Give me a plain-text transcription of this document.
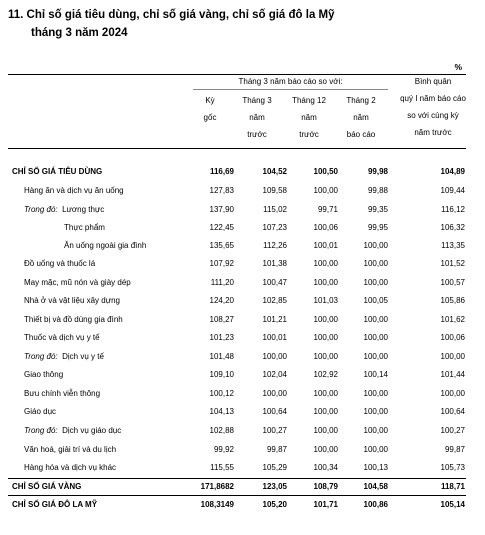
11. Chỉ số giá tiêu dùng, chỉ số giá vàng, chỉ số giá đô la Mỹ
tháng 3 năm 2024
%
Tháng 3 năm báo cáo so với:
Kỳ
gốc
Tháng 3
năm
trước
Tháng 12
năm
trước
Tháng 2
năm
báo cáo
Bình quân
quý I năm báo cáo
so với cùng kỳ
năm trước
CHỈ SỐ GIÁ TIÊU DÙNG	116,69	104,52	100,50	99,98	104,89
Hàng ăn và dịch vụ ăn uống	127,83	109,58	100,00	99,88	109,44
Trong đó: Lương thực	137,90	115,02	99,71	99,35	116,12
Thực phẩm	122,45	107,23	100,06	99,95	106,32
Ăn uống ngoài gia đình	135,65	112,26	100,01	100,00	113,35
Đồ uống và thuốc lá	107,92	101,38	100,00	100,00	101,52
May mặc, mũ nón và giày dép	111,20	100,47	100,00	100,00	100,57
Nhà ở và vật liệu xây dựng	124,20	102,85	101,03	100,05	105,86
Thiết bị và đồ dùng gia đình	108,27	101,21	100,00	100,00	101,62
Thuốc và dịch vụ y tế	101,23	100,01	100,00	100,00	100,06
Trong đó: Dịch vụ y tế	101,48	100,00	100,00	100,00	100,00
Giao thông	109,10	102,04	102,92	100,14	101,44
Bưu chính viễn thông	100,12	100,00	100,00	100,00	100,00
Giáo dục	104,13	100,64	100,00	100,00	100,64
Trong đó: Dịch vụ giáo dục	102,88	100,27	100,00	100,00	100,27
Văn hoá, giải trí và du lịch	99,92	99,87	100,00	100,00	99,87
Hàng hóa và dịch vụ khác	115,55	105,29	100,34	100,13	105,73
CHỈ SỐ GIÁ VÀNG	171,8682	123,05	108,79	104,58	118,71
CHỈ SỐ GIÁ ĐÔ LA MỸ	108,3149	105,20	101,71	100,86	105,14
